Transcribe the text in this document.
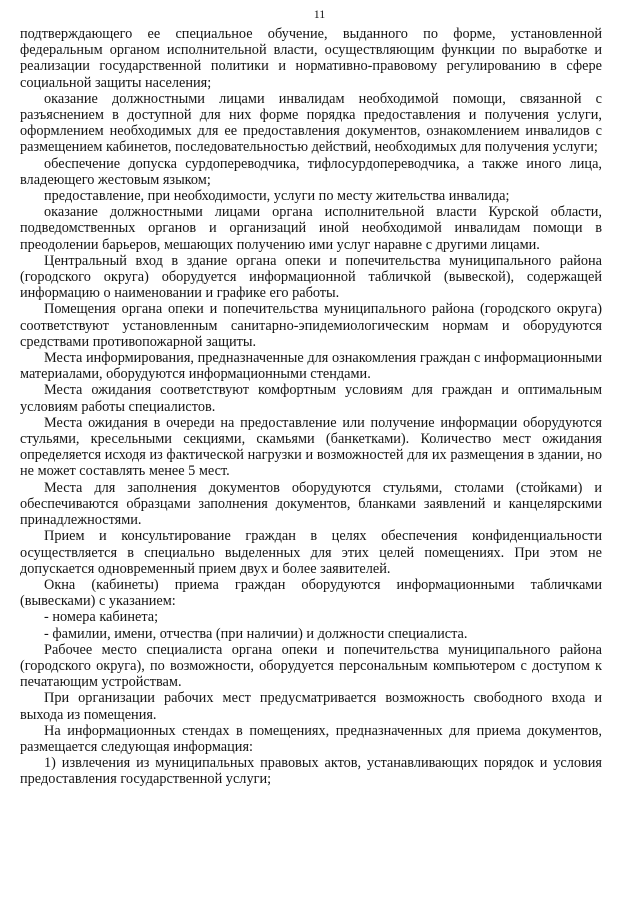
11

подтверждающего ее специальное обучение, выданного по форме, установленной федеральным органом исполнительной власти, осуществляющим функции по выработке и реализации государственной политики и нормативно-правовому регулированию в сфере социальной защиты населения;

оказание должностными лицами инвалидам необходимой помощи, связанной с разъяснением в доступной для них форме порядка предоставления и получения услуги, оформлением необходимых для ее предоставления документов, ознакомлением инвалидов с размещением кабинетов, последовательностью действий, необходимых для получения услуги;

обеспечение допуска сурдопереводчика, тифлосурдопереводчика, а также иного лица, владеющего жестовым языком;

предоставление, при необходимости, услуги по месту жительства инвалида;

оказание должностными лицами органа исполнительной власти Курской области, подведомственных органов и организаций иной необходимой инвалидам помощи в преодолении барьеров, мешающих получению ими услуг наравне с другими лицами.

Центральный вход в здание органа опеки и попечительства муниципального района (городского округа) оборудуется информационной табличкой (вывеской), содержащей информацию о наименовании и графике его работы.

Помещения органа опеки и попечительства муниципального района (городского округа) соответствуют установленным санитарно-эпидемиологическим нормам и оборудуются средствами противопожарной защиты.

Места информирования, предназначенные для ознакомления граждан с информационными материалами, оборудуются информационными стендами.

Места ожидания соответствуют комфортным условиям для граждан и оптимальным условиям работы специалистов.

Места ожидания в очереди на предоставление или получение информации оборудуются стульями, кресельными секциями, скамьями (банкетками). Количество мест ожидания определяется исходя из фактической нагрузки и возможностей для их размещения в здании, но не может составлять менее 5 мест.

Места для заполнения документов оборудуются стульями, столами (стойками) и обеспечиваются образцами заполнения документов, бланками заявлений и канцелярскими принадлежностями.

Прием и консультирование граждан в целях обеспечения конфиденциальности осуществляется в специально выделенных для этих целей помещениях. При этом не допускается одновременный прием двух и более заявителей.

Окна (кабинеты) приема граждан оборудуются информационными табличками (вывесками) с указанием:

- номера кабинета;

- фамилии, имени, отчества (при наличии) и должности специалиста.

Рабочее место специалиста органа опеки и попечительства муниципального района (городского округа), по возможности, оборудуется персональным компьютером с доступом к печатающим устройствам.

При организации рабочих мест предусматривается возможность свободного входа и выхода из помещения.

На информационных стендах в помещениях, предназначенных для приема документов, размещается следующая информация:

1) извлечения из муниципальных правовых актов, устанавливающих порядок и условия предоставления государственной услуги;
